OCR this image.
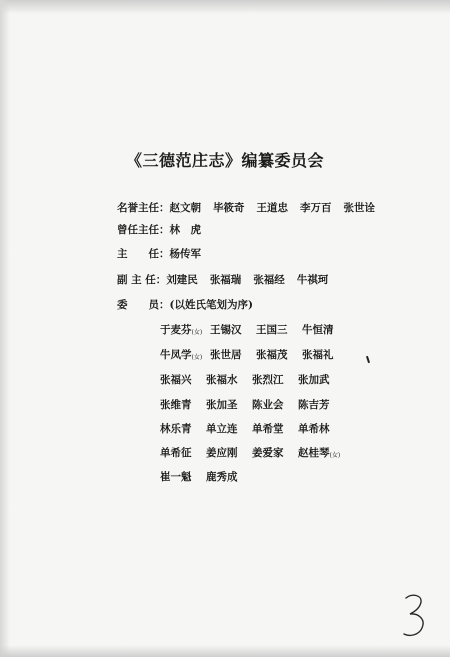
《三德范庄志》编纂委员会
名誉主任：赵文朝 毕筱奇 王道忠 李万百 张世诠
曾任主任：林　虎
主　　任：杨传军
副 主 任：刘建民 张福瑞 张福经 牛祺珂
委　　员：(以姓氏笔划为序)
于麦芬$_{(女)}$ 王锡汉 王国三 牛恒清
牛凤学$_{(女)}$ 张世居 张福茂 张福礼
张福兴 张福水 张烈江 张加武
张维青 张加圣 陈业会 陈吉芳
林乐青 单立连 单希堂 单希林
单希征 姜应刚 姜爱家 赵桂琴$_{(女)}$
崔一魁 鹿秀成
